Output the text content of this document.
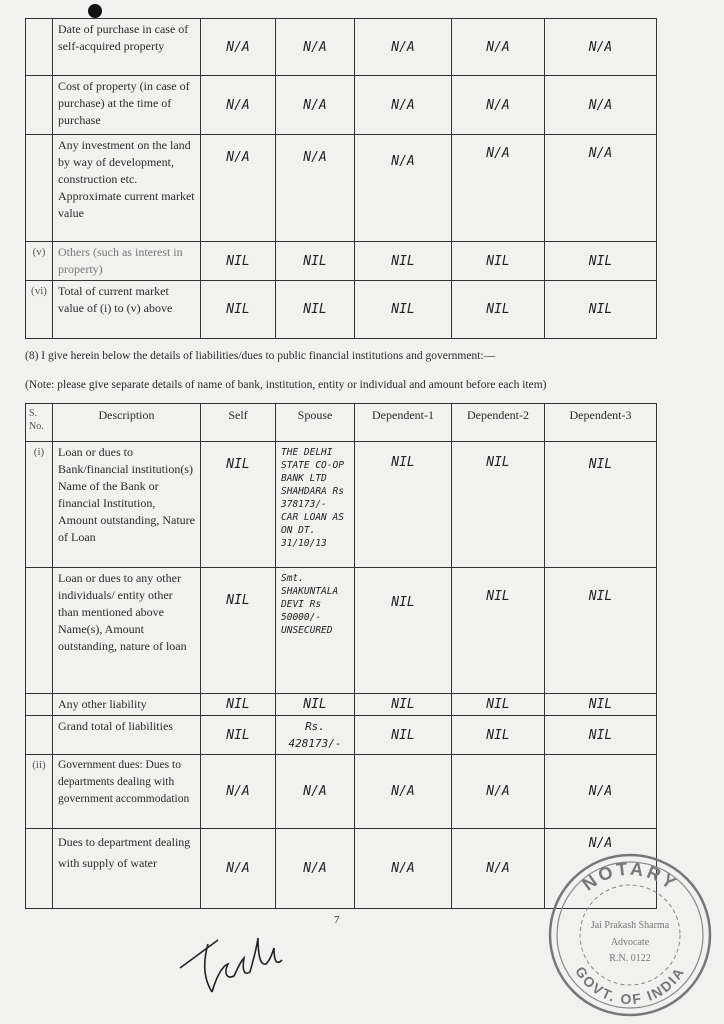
	Date of purchase in case of self-acquired property	N/A	N/A	N/A	N/A	N/A
	Cost of property (in case of purchase) at the time of purchase	N/A	N/A	N/A	N/A	N/A
	Any investment on the land by way of development, construction etc. Approximate current market value	N/A	N/A	N/A	N/A	N/A
(v)	Others (such as interest in property)	NIL	NIL	NIL	NIL	NIL
(vi)	Total of current market value of (i) to (v) above	NIL	NIL	NIL	NIL	NIL
(8) I give herein below the details of liabilities/dues to public financial institutions and government:—
(Note: please give separate details of name of bank, institution, entity or individual and amount before each item)
S. No.	Description	Self	Spouse	Dependent-1	Dependent-2	Dependent-3
(i)	Loan or dues to Bank/financial institution(s) Name of the Bank or financial Institution, Amount outstanding, Nature of Loan	NIL	THE DELHI STATE CO-OP BANK LTD SHAHDARA Rs 378173/- CAR LOAN AS ON DT. 31/10/13	NIL	NIL	NIL
	Loan or dues to any other individuals/ entity other than mentioned above Name(s), Amount outstanding, nature of loan	NIL	Smt. SHAKUNTALA DEVI Rs 50000/- UNSECURED	NIL	NIL	NIL
	Any other liability	NIL	NIL	NIL	NIL	NIL
	Grand total of liabilities	NIL	Rs. 428173/-	NIL	NIL	NIL
(ii)	Government dues: Dues to departments dealing with government accommodation	N/A	N/A	N/A	N/A	N/A
	Dues to department dealing with supply of water	N/A	N/A	N/A	N/A	N/A
7
NOTARY
GOVT. OF INDIA
Jai Prakash Sharma
Advocate
R.N. 0122
